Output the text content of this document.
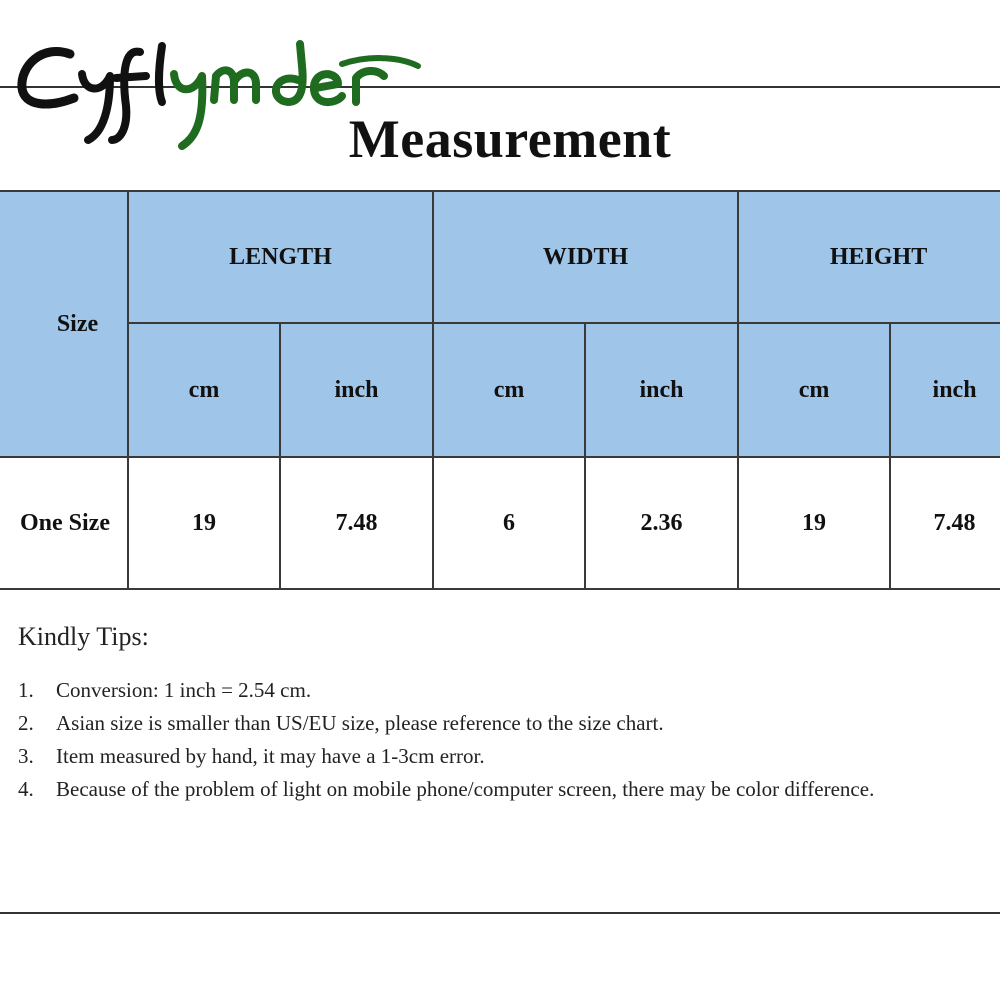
Measurement
Size	LENGTH		WIDTH		HEIGHT	
	cm	inch	cm	inch	cm	inch
One Size	19	7.48	6	2.36	19	7.48
Kindly Tips:
1. Conversion: 1 inch = 2.54 cm.
2. Asian size is smaller than US/EU size, please reference to the size chart.
3. Item measured by hand, it may have a 1-3cm error.
4. Because of the problem of light on mobile phone/computer screen, there may be color difference.
